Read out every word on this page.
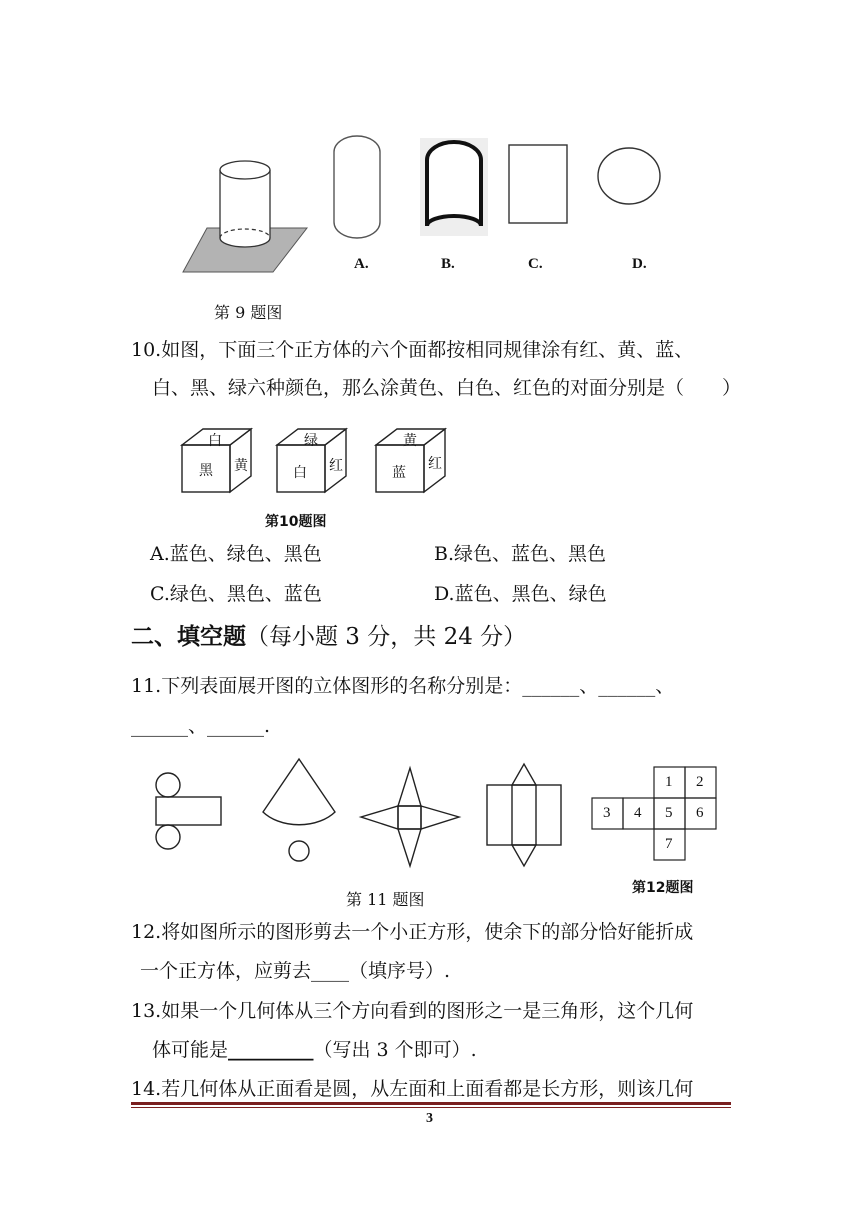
A.	B.	C.	D.
第 9 题图
10.如图，下面三个正方体的六个面都按相同规律涂有红、黄、蓝、
白、黑、绿六种颜色，那么涂黄色、白色、红色的对面分别是（　　）
白
黑 黄
绿
白 红
黄
蓝
红
第10题图
A.蓝色、绿色、黑色	B.绿色、蓝色、黑色
C.绿色、黑色、蓝色	D.蓝色、黑色、绿色
二、填空题（每小题 3 分，共 24 分）
11.下列表面展开图的立体图形的名称分别是：______、______、
______、______.
1 2
3 4 5 6
7
第 11 题图
第12题图
12.将如图所示的图形剪去一个小正方形，使余下的部分恰好能折成
一个正方体，应剪去____（填序号）.
13.如果一个几何体从三个方向看到的图形之一是三角形，这个几何
体可能是_________（写出 3 个即可）.
14.若几何体从正面看是圆，从左面和上面看都是长方形，则该几何
3
